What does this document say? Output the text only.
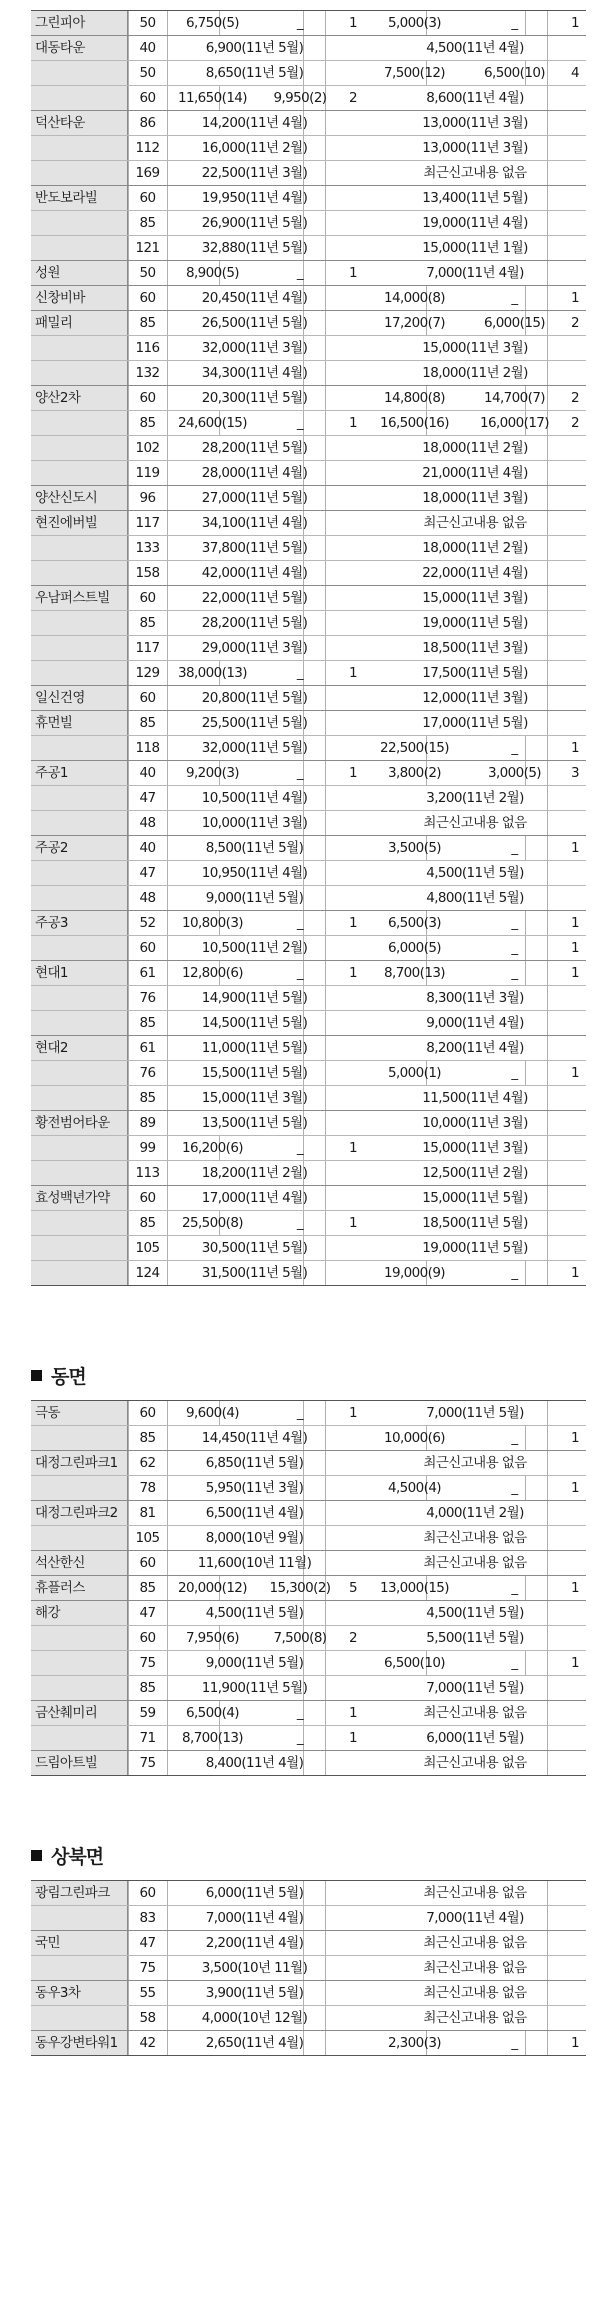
그린피아	50	6,750(5)	_	1	5,000(3)	_	1
대동타운	40	6,900(11년 5월)	4,500(11년 4월)
50	8,650(11년 5월)	7,500(12)	6,500(10)	4
60	11,650(14)	9,950(2)	2	8,600(11년 4월)
덕산타운	86	14,200(11년 4월)	13,000(11년 3월)
112	16,000(11년 2월)	13,000(11년 3월)
169	22,500(11년 3월)	최근신고내용 없음
반도보라빌	60	19,950(11년 4월)	13,400(11년 5월)
85	26,900(11년 5월)	19,000(11년 4월)
121	32,880(11년 5월)	15,000(11년 1월)
성원	50	8,900(5)	_	1	7,000(11년 4월)
신창비바	60	20,450(11년 4월)	14,000(8)	_	1
패밀리	85	26,500(11년 5월)	17,200(7)	6,000(15)	2
116	32,000(11년 3월)	15,000(11년 3월)
132	34,300(11년 4월)	18,000(11년 2월)
양산2차	60	20,300(11년 5월)	14,800(8)	14,700(7)	2
85	24,600(15)	_	1	16,500(16)	16,000(17)	2
102	28,200(11년 5월)	18,000(11년 2월)
119	28,000(11년 4월)	21,000(11년 4월)
양산신도시	96	27,000(11년 5월)	18,000(11년 3월)
현진에버빌	117	34,100(11년 4월)	최근신고내용 없음
133	37,800(11년 5월)	18,000(11년 2월)
158	42,000(11년 4월)	22,000(11년 4월)
우남퍼스트빌	60	22,000(11년 5월)	15,000(11년 3월)
85	28,200(11년 5월)	19,000(11년 5월)
117	29,000(11년 3월)	18,500(11년 3월)
129	38,000(13)	_	1	17,500(11년 5월)
일신건영	60	20,800(11년 5월)	12,000(11년 3월)
휴먼빌	85	25,500(11년 5월)	17,000(11년 5월)
118	32,000(11년 5월)	22,500(15)	_	1
주공1	40	9,200(3)	_	1	3,800(2)	3,000(5)	3
47	10,500(11년 4월)	3,200(11년 2월)
48	10,000(11년 3월)	최근신고내용 없음
주공2	40	8,500(11년 5월)	3,500(5)	_	1
47	10,950(11년 4월)	4,500(11년 5월)
48	9,000(11년 5월)	4,800(11년 5월)
주공3	52	10,800(3)	_	1	6,500(3)	_	1
60	10,500(11년 2월)	6,000(5)	_	1
현대1	61	12,800(6)	_	1	8,700(13)	_	1
76	14,900(11년 5월)	8,300(11년 3월)
85	14,500(11년 5월)	9,000(11년 4월)
현대2	61	11,000(11년 5월)	8,200(11년 4월)
76	15,500(11년 5월)	5,000(1)	_	1
85	15,000(11년 3월)	11,500(11년 4월)
황전범어타운	89	13,500(11년 5월)	10,000(11년 3월)
99	16,200(6)	_	1	15,000(11년 3월)
113	18,200(11년 2월)	12,500(11년 2월)
효성백년가약	60	17,000(11년 4월)	15,000(11년 5월)
85	25,500(8)	_	1	18,500(11년 5월)
105	30,500(11년 5월)	19,000(11년 5월)
124	31,500(11년 5월)	19,000(9)	_	1
동면
극동	60	9,600(4)	_	1	7,000(11년 5월)
85	14,450(11년 4월)	10,000(6)	_	1
대정그린파크1	62	6,850(11년 5월)	최근신고내용 없음
78	5,950(11년 3월)	4,500(4)	_	1
대정그린파크2	81	6,500(11년 4월)	4,000(11년 2월)
105	8,000(10년 9월)	최근신고내용 없음
석산한신	60	11,600(10년 11월)	최근신고내용 없음
휴플러스	85	20,000(12)	15,300(2)	5	13,000(15)	_	1
해강	47	4,500(11년 5월)	4,500(11년 5월)
60	7,950(6)	7,500(8)	2	5,500(11년 5월)
75	9,000(11년 5월)	6,500(10)	_	1
85	11,900(11년 5월)	7,000(11년 5월)
금산췌미리	59	6,500(4)	_	1	최근신고내용 없음
71	8,700(13)	_	1	6,000(11년 5월)
드림아트빌	75	8,400(11년 4월)	최근신고내용 없음
상북면
광림그린파크	60	6,000(11년 5월)	최근신고내용 없음
83	7,000(11년 4월)	7,000(11년 4월)
국민	47	2,200(11년 4월)	최근신고내용 없음
75	3,500(10년 11월)	최근신고내용 없음
동우3차	55	3,900(11년 5월)	최근신고내용 없음
58	4,000(10년 12월)	최근신고내용 없음
동우강변타워1	42	2,650(11년 4월)	2,300(3)	_	1
